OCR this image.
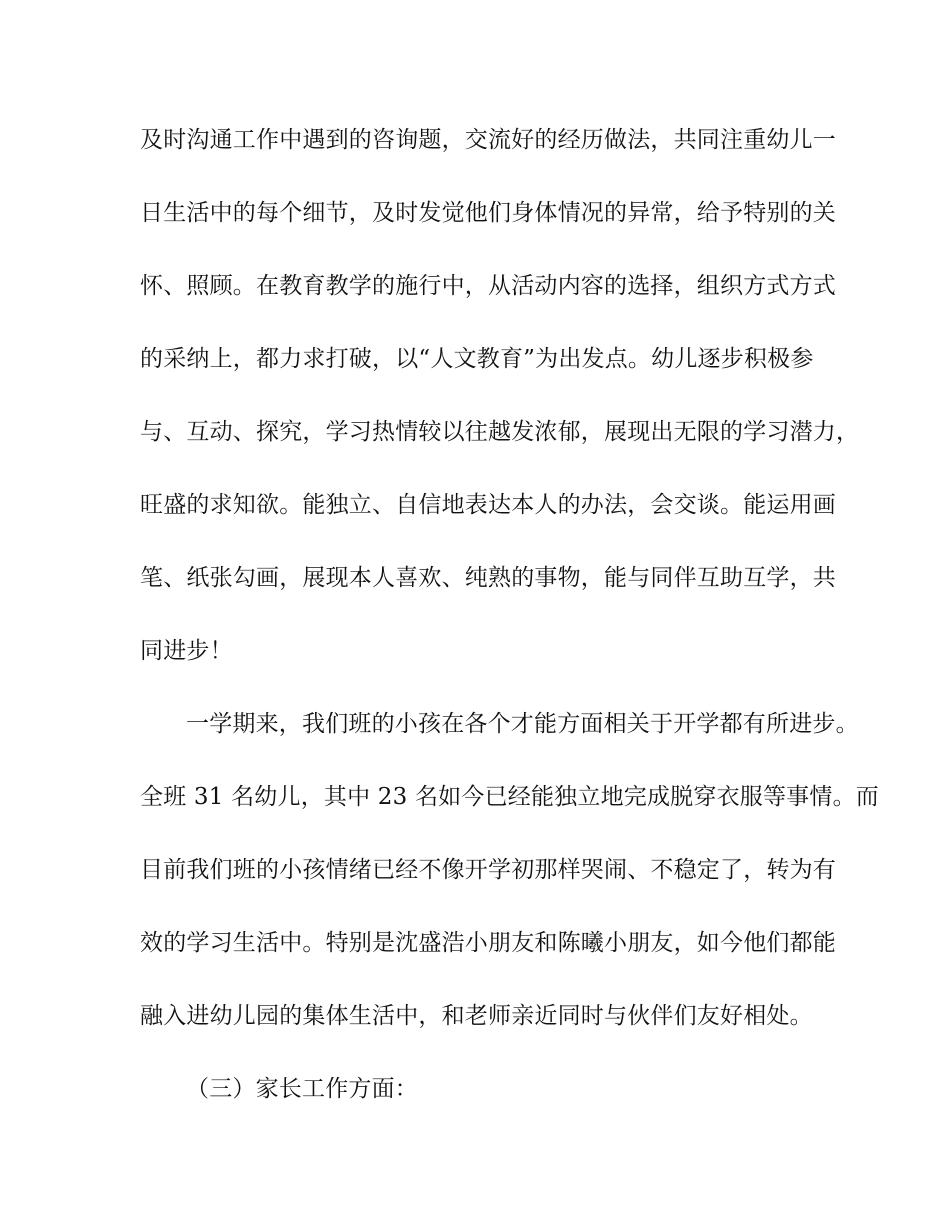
及时沟通工作中遇到的咨询题，交流好的经历做法，共同注重幼儿一
日生活中的每个细节，及时发觉他们身体情况的异常，给予特别的关
怀、照顾。在教育教学的施行中，从活动内容的选择，组织方式方式
的采纳上，都力求打破，以“人文教育”为出发点。幼儿逐步积极参
与、互动、探究，学习热情较以往越发浓郁，展现出无限的学习潜力，
旺盛的求知欲。能独立、自信地表达本人的办法，会交谈。能运用画
笔、纸张勾画，展现本人喜欢、纯熟的事物，能与同伴互助互学，共
同进步！
一学期来，我们班的小孩在各个才能方面相关于开学都有所进步。
全班 31 名幼儿，其中 23 名如今已经能独立地完成脱穿衣服等事情。而
目前我们班的小孩情绪已经不像开学初那样哭闹、不稳定了，转为有
效的学习生活中。特别是沈盛浩小朋友和陈曦小朋友，如今他们都能
融入进幼儿园的集体生活中，和老师亲近同时与伙伴们友好相处。
（三）家长工作方面：
